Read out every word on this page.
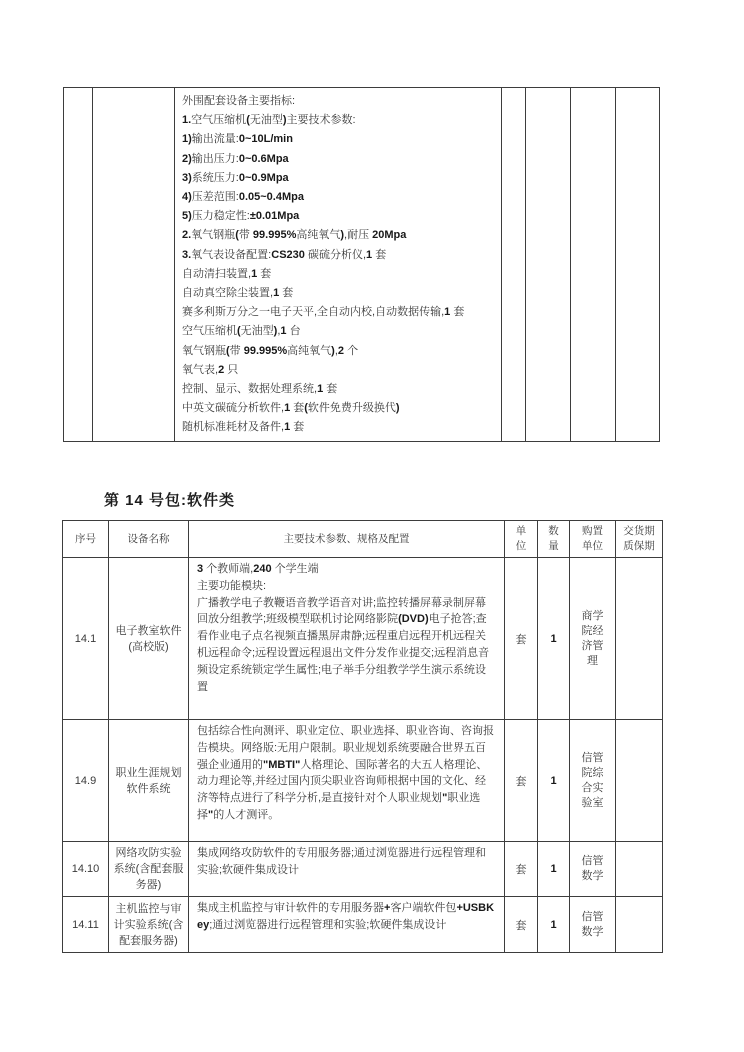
外围配套设备主要指标:
1.空气压缩机(无油型)主要技术参数:
1)输出流量:0~10L/min
2)输出压力:0~0.6Mpa
3)系统压力:0~0.9Mpa
4)压差范围:0.05~0.4Mpa
5)压力稳定性:±0.01Mpa
2.氧气钢瓶(带 99.995%高纯氧气),耐压 20Mpa
3.氧气表设备配置:CS230 碳硫分析仪,1 套
自动清扫装置,1 套
自动真空除尘装置,1 套
赛多利斯万分之一电子天平,全自动内校,自动数据传输,1 套
空气压缩机(无油型),1 台
氧气钢瓶(带 99.995%高纯氧气),2 个
氧气表,2 只
控制、显示、数据处理系统,1 套
中英文碳硫分析软件,1 套(软件免费升级换代)
随机标准耗材及备件,1 套

第 14 号包:软件类
序号	设备名称	主要技术参数、规格及配置	单位	数量	购置单位	交货期质保期
14.1	电子教室软件(高校版)	3 个教师端,240 个学生端
主要功能模块:
广播教学电子教鞭语音教学语音对讲;监控转播屏幕录制屏幕回放分组教学;班级模型联机讨论网络影院(DVD)电子抢答;查看作业电子点名视频直播黑屏肃静;远程重启远程开机远程关机远程命令;远程设置远程退出文件分发作业提交;远程消息音频设定系统锁定学生属性;电子举手分组教学学生演示系统设置	套	1	商学院经济管理	
14.9	职业生涯规划软件系统	包括综合性向测评、职业定位、职业选择、职业咨询、咨询报告模块。网络版:无用户限制。职业规划系统要融合世界五百强企业通用的"MBTI"人格理论、国际著名的大五人格理论、动力理论等,并经过国内顶尖职业咨询师根据中国的文化、经济等特点进行了科学分析,是直接针对个人职业规划"职业选择"的人才测评。	套	1	信管院综合实验室	
14.10	网络攻防实验系统(含配套服务器)	集成网络攻防软件的专用服务器;通过浏览器进行远程管理和实验;软硬件集成设计	套	1	信管数学	
14.11	主机监控与审计实验系统(含配套服务器)	集成主机监控与审计软件的专用服务器+客户端软件包+USBKey;通过浏览器进行远程管理和实验;软硬件集成设计	套	1	信管数学	
